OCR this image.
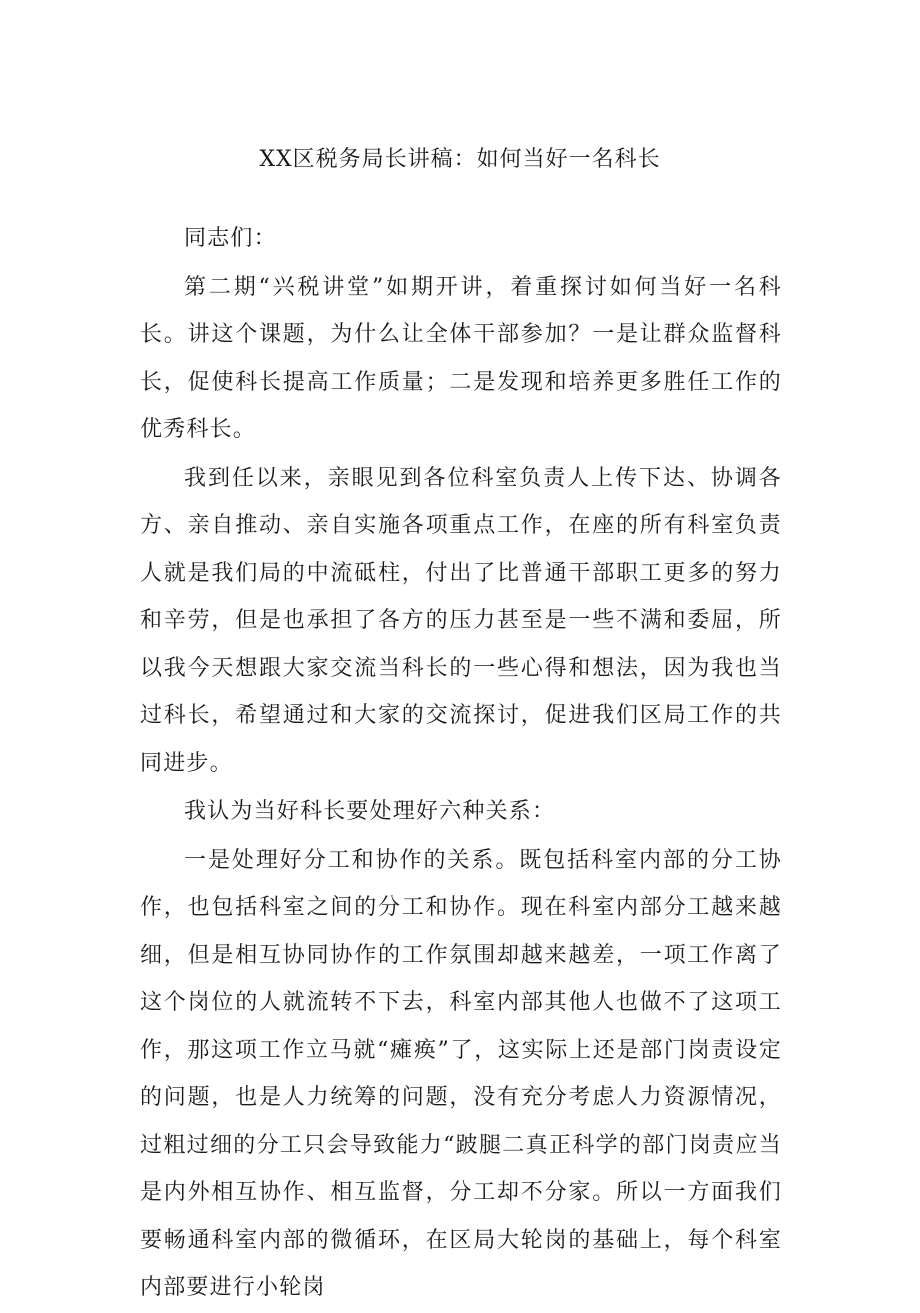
XX区税务局长讲稿：如何当好一名科长

同志们：

第二期“兴税讲堂”如期开讲，着重探讨如何当好一名科长。讲这个课题，为什么让全体干部参加？一是让群众监督科长，促使科长提高工作质量；二是发现和培养更多胜任工作的优秀科长。

我到任以来，亲眼见到各位科室负责人上传下达、协调各方、亲自推动、亲自实施各项重点工作，在座的所有科室负责人就是我们局的中流砥柱，付出了比普通干部职工更多的努力和辛劳，但是也承担了各方的压力甚至是一些不满和委屈，所以我今天想跟大家交流当科长的一些心得和想法，因为我也当过科长，希望通过和大家的交流探讨，促进我们区局工作的共同进步。

我认为当好科长要处理好六种关系：

一是处理好分工和协作的关系。既包括科室内部的分工协作，也包括科室之间的分工和协作。现在科室内部分工越来越细，但是相互协同协作的工作氛围却越来越差，一项工作离了这个岗位的人就流转不下去，科室内部其他人也做不了这项工作，那这项工作立马就“瘫痪”了，这实际上还是部门岗责设定的问题，也是人力统筹的问题，没有充分考虑人力资源情况，过粗过细的分工只会导致能力“跛腿二真正科学的部门岗责应当是内外相互协作、相互监督，分工却不分家。所以一方面我们要畅通科室内部的微循环，在区局大轮岗的基础上，每个科室内部要进行小轮岗
